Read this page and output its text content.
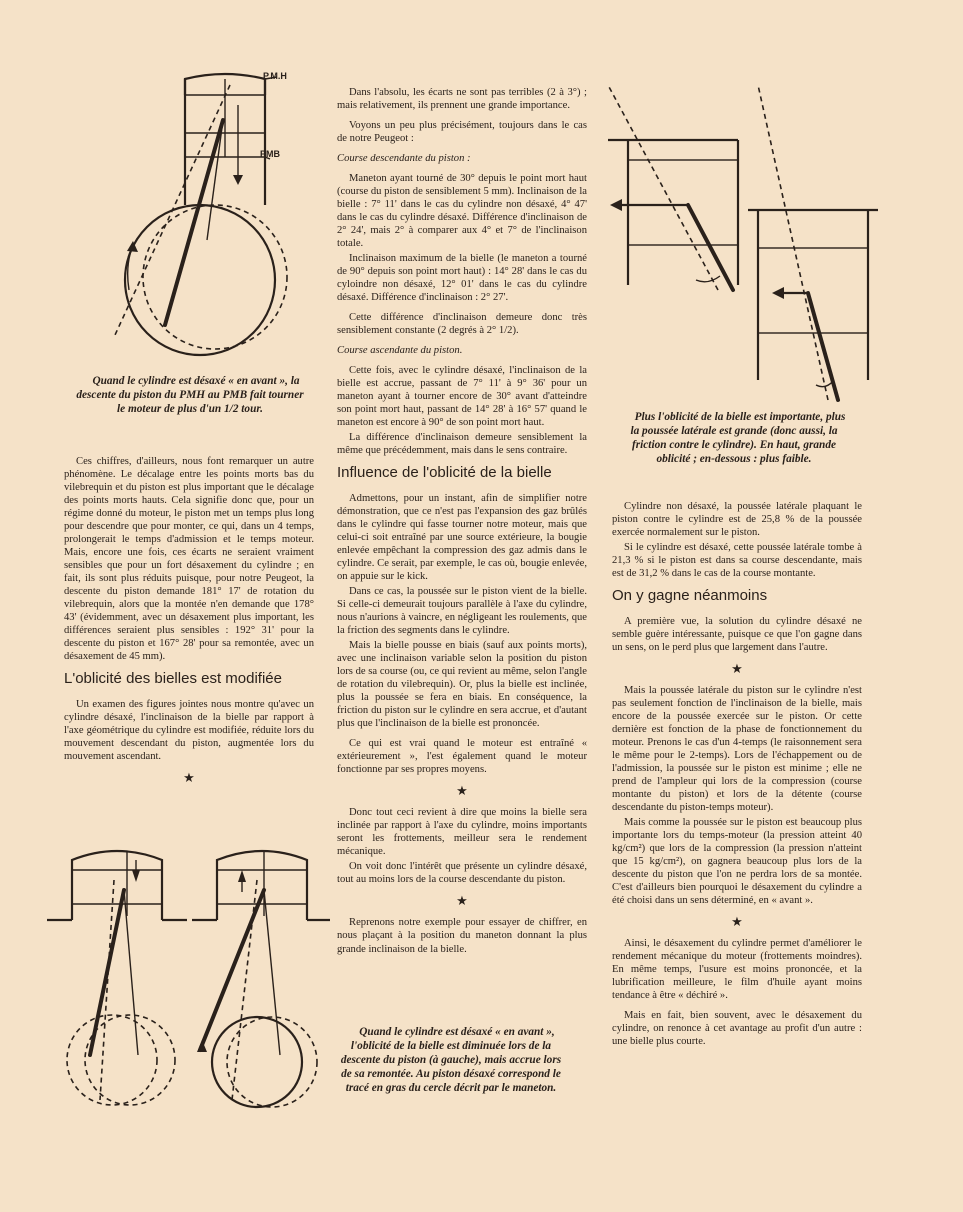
P.M.H
PMB

Quand le cylindre est désaxé « en avant », la descente du piston du PMH au PMB fait tourner le moteur de plus d'un 1/2 tour.

Ces chiffres, d'ailleurs, nous font remarquer un autre phénomène. Le décalage entre les points morts bas du vilebrequin et du piston est plus important que le décalage des points morts hauts. Cela signifie donc que, pour un régime donné du moteur, le piston met un temps plus long pour descendre que pour monter, ce qui, dans un 4 temps, prolongerait le temps d'admission et le temps moteur. Mais, encore une fois, ces écarts ne seraient vraiment sensibles que pour un fort désaxement du cylindre ; en fait, ils sont plus réduits puisque, pour notre Peugeot, la descente du piston demande 181° 17' de rotation du vilebrequin, alors que la montée n'en demande que 178° 43' (évidemment, avec un désaxement plus important, les différences seraient plus sensibles : 192° 31' pour la descente du piston et 167° 28' pour sa remontée, avec un désaxement de 45 mm).

L'oblicité des bielles est modifiée

Un examen des figures jointes nous montre qu'avec un cylindre désaxé, l'inclinaison de la bielle par rapport à l'axe géométrique du cylindre est modifiée, réduite lors du mouvement descendant du piston, augmentée lors du mouvement ascendant.

★

Dans l'absolu, les écarts ne sont pas terribles (2 à 3°) ; mais relativement, ils prennent une grande importance.

Voyons un peu plus précisément, toujours dans le cas de notre Peugeot :

Course descendante du piston :

Maneton ayant tourné de 30° depuis le point mort haut (course du piston de sensiblement 5 mm). Inclinaison de la bielle : 7° 11' dans le cas du cylindre non désaxé, 4° 47' dans le cas du cylindre désaxé. Différence d'inclinaison de 2° 24', mais 2° à comparer aux 4° et 7° de l'inclinaison totale.

Inclinaison maximum de la bielle (le maneton a tourné de 90° depuis son point mort haut) : 14° 28' dans le cas du cyloindre non désaxé, 12° 01' dans le cas du cylindre désaxé. Différence d'inclinaison : 2° 27'.

Cette différence d'inclinaison demeure donc très sensiblement constante (2 degrés à 2° 1/2).

Course ascendante du piston.

Cette fois, avec le cylindre désaxé, l'inclinaison de la bielle est accrue, passant de 7° 11' à 9° 36' pour un maneton ayant à tourner encore de 30° avant d'atteindre son point mort haut, passant de 14° 28' à 16° 57' quand le maneton est encore à 90° de son point mort haut.

La différence d'inclinaison demeure sensiblement la même que précédemment, mais dans le sens contraire.

Influence de l'oblicité de la bielle

Admettons, pour un instant, afin de simplifier notre démonstration, que ce n'est pas l'expansion des gaz brûlés dans le cylindre qui fasse tourner notre moteur, mais que celui-ci soit entraîné par une source extérieure, la bougie enlevée empêchant la compression des gaz admis dans le cylindre. Ce serait, par exemple, le cas où, bougie enlevée, on appuie sur le kick.

Dans ce cas, la poussée sur le piston vient de la bielle. Si celle-ci demeurait toujours parallèle à l'axe du cylindre, nous n'aurions à vaincre, en négligeant les roulements, que la friction des segments dans le cylindre.

Mais la bielle pousse en biais (sauf aux points morts), avec une inclinaison variable selon la position du piston lors de sa course (ou, ce qui revient au même, selon l'angle de rotation du vilebrequin). Or, plus la bielle est inclinée, plus la poussée se fera en biais. En conséquence, la friction du piston sur le cylindre en sera accrue, et d'autant plus que l'inclinaison de la bielle est prononcée.

Ce qui est vrai quand le moteur est entraîné « extérieurement », l'est également quand le moteur fonctionne par ses propres moyens.

★

Donc tout ceci revient à dire que moins la bielle sera inclinée par rapport à l'axe du cylindre, moins importants seront les frottements, meilleur sera le rendement mécanique.

On voit donc l'intérêt que présente un cylindre désaxé, tout au moins lors de la course descendante du piston.

★

Reprenons notre exemple pour essayer de chiffrer, en nous plaçant à la position du maneton donnant la plus grande inclinaison de la bielle.

Quand le cylindre est désaxé « en avant », l'oblicité de la bielle est diminuée lors de la descente du piston (à gauche), mais accrue lors de sa remontée. Au piston désaxé correspond le tracé en gras du cercle décrit par le maneton.

Plus l'oblicité de la bielle est importante, plus la poussée latérale est grande (donc aussi, la friction contre le cylindre). En haut, grande oblicité ; en-dessous : plus faible.

Cylindre non désaxé, la poussée latérale plaquant le piston contre le cylindre est de 25,8 % de la poussée exercée normalement sur le piston.

Si le cylindre est désaxé, cette poussée latérale tombe à 21,3 % si le piston est dans sa course descendante, mais est de 31,2 % dans le cas de la course montante.

On y gagne néanmoins

A première vue, la solution du cylindre désaxé ne semble guère intéressante, puisque ce que l'on gagne dans un sens, on le perd plus que largement dans l'autre.

★

Mais la poussée latérale du piston sur le cylindre n'est pas seulement fonction de l'inclinaison de la bielle, mais encore de la poussée exercée sur le piston. Or cette dernière est fonction de la phase de fonctionnement du moteur. Prenons le cas d'un 4-temps (le raisonnement sera le même pour le 2-temps). Lors de l'échappement ou de l'admission, la poussée sur le piston est minime ; elle ne prend de l'ampleur qui lors de la compression (course montante du piston) et lors de la détente (course descendante du piston-temps moteur).

Mais comme la poussée sur le piston est beaucoup plus importante lors du temps-moteur (la pression atteint 40 kg/cm²) que lors de la compression (la pression n'atteint que 15 kg/cm²), on gagnera beaucoup plus lors de la descente du piston que l'on ne perdra lors de sa montée. C'est d'ailleurs bien pourquoi le désaxement du cylindre a été choisi dans un sens déterminé, en « avant ».

★

Ainsi, le désaxement du cylindre permet d'améliorer le rendement mécanique du moteur (frottements moindres). En même temps, l'usure est moins prononcée, et la lubrification meilleure, le film d'huile ayant moins tendance à être « déchiré ».

Mais en fait, bien souvent, avec le désaxement du cylindre, on renonce à cet avantage au profit d'un autre : une bielle plus courte.
